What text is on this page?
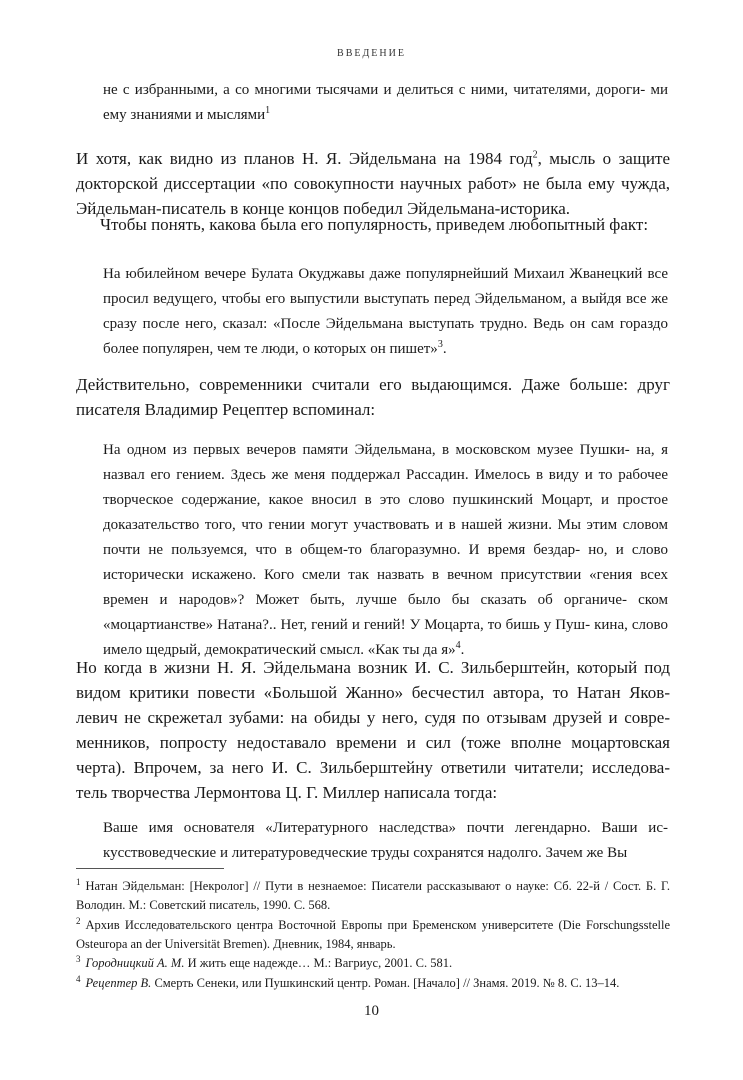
ВВЕДЕНИЕ

не с избранными, а со многими тысячами и делиться с ними, читателями, дороги- ми ему знаниями и мыслями$^1$

И хотя, как видно из планов Н. Я. Эйдельмана на 1984 год$^2$, мысль о защите докторской диссертации «по совокупности научных работ» не была ему чужда, Эйдельман-писатель в конце концов победил Эйдельмана-историка.

Чтобы понять, какова была его популярность, приведем любопытный факт:

На юбилейном вечере Булата Окуджавы даже популярнейший Михаил Жванецкий все просил ведущего, чтобы его выпустили выступать перед Эйдельманом, а выйдя все же сразу после него, сказал: «После Эйдельмана выступать трудно. Ведь он сам гораздо более популярен, чем те люди, о которых он пишет»$^3$.

Действительно, современники считали его выдающимся. Даже больше: друг писателя Владимир Рецептер вспоминал:

На одном из первых вечеров памяти Эйдельмана, в московском музее Пушки- на, я назвал его гением. Здесь же меня поддержал Рассадин. Имелось в виду и то рабочее творческое содержание, какое вносил в это слово пушкинский Моцарт, и простое доказательство того, что гении могут участвовать и в нашей жизни. Мы этим словом почти не пользуемся, что в общем-то благоразумно. И время бездар- но, и слово исторически искажено. Кого смели так назвать в вечном присутствии «гения всех времен и народов»? Может быть, лучше было бы сказать об органиче- ском «моцартианстве» Натана?.. Нет, гений и гений! У Моцарта, то бишь у Пуш- кина, слово имело щедрый, демократический смысл. «Как ты да я»$^4$.

Но когда в жизни Н. Я. Эйдельмана возник И. С. Зильберштейн, который под видом критики повести «Большой Жанно» бесчестил автора, то Натан Яков- левич не скрежетал зубами: на обиды у него, судя по отзывам друзей и совре- менников, попросту недоставало времени и сил (тоже вполне моцартовская черта). Впрочем, за него И. С. Зильберштейну ответили читатели; исследова- тель творчества Лермонтова Ц. Г. Миллер написала тогда:

Ваше имя основателя «Литературного наследства» почти легендарно. Ваши ис- кусствоведческие и литературоведческие труды сохранятся надолго. Зачем же Вы

$^1$ Натан Эйдельман: [Некролог] // Пути в незнаемое: Писатели рассказывают о науке: Сб. 22-й / Сост. Б. Г. Володин. М.: Советский писатель, 1990. С. 568.
$^2$ Архив Исследовательского центра Восточной Европы при Бременском университете (Die Forschungsstelle Osteuropa an der Universität Bremen). Дневник, 1984, январь.
$^3$ Городницкий А. М. И жить еще надежде… М.: Вагриус, 2001. С. 581.
$^4$ Рецептер В. Смерть Сенеки, или Пушкинский центр. Роман. [Начало] // Знамя. 2019. № 8. С. 13–14.
10
